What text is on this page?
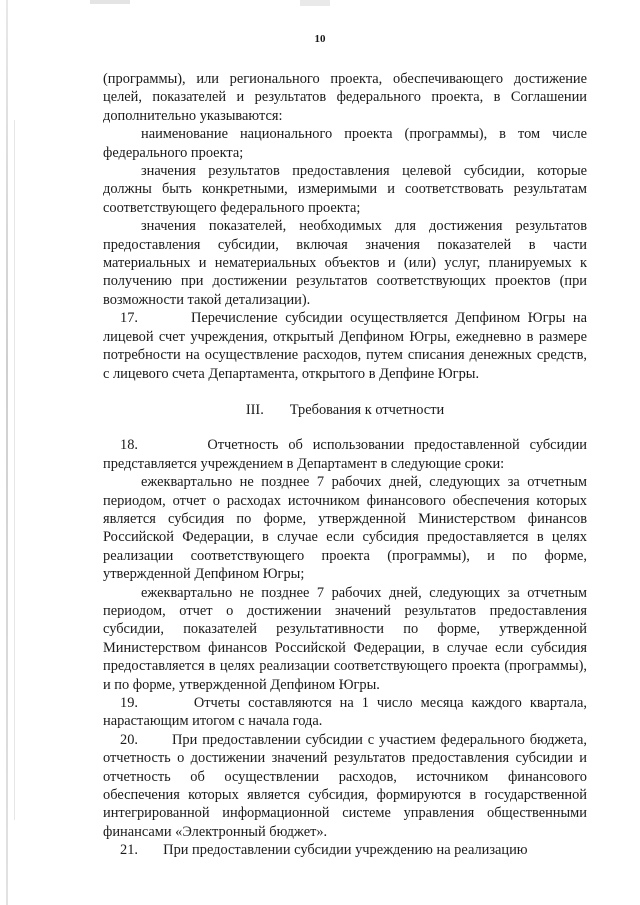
10

(программы), или регионального проекта, обеспечивающего достижение целей, показателей и результатов федерального проекта, в Соглашении дополнительно указываются:

наименование национального проекта (программы), в том числе федерального проекта;

значения результатов предоставления целевой субсидии, которые должны быть конкретными, измеримыми и соответствовать результатам соответствующего федерального проекта;

значения показателей, необходимых для достижения результатов предоставления субсидии, включая значения показателей в части материальных и нематериальных объектов и (или) услуг, планируемых к получению при достижении результатов соответствующих проектов (при возможности такой детализации).

17.       Перечисление субсидии осуществляется Депфином Югры на лицевой счет учреждения, открытый Депфином Югры, ежедневно в размере потребности на осуществление расходов, путем списания денежных средств, с лицевого счета Департамента, открытого в Депфине Югры.

III. Требования к отчетности

18.       Отчетность об использовании предоставленной субсидии представляется учреждением в Департамент в следующие сроки:

ежеквартально не позднее 7 рабочих дней, следующих за отчетным периодом, отчет о расходах источником финансового обеспечения которых является субсидия по форме, утвержденной Министерством финансов Российской Федерации, в случае если субсидия предоставляется в целях реализации соответствующего проекта (программы), и по форме, утвержденной Депфином Югры;

ежеквартально не позднее 7 рабочих дней, следующих за отчетным периодом, отчет о достижении значений результатов предоставления субсидии, показателей результативности по форме, утвержденной Министерством финансов Российской Федерации, в случае если субсидия предоставляется в целях реализации соответствующего проекта (программы), и по форме, утвержденной Депфином Югры.

19.       Отчеты составляются на 1 число месяца каждого квартала, нарастающим итогом с начала года.

20.       При предоставлении субсидии с участием федерального бюджета, отчетность о достижении значений результатов предоставления субсидии и отчетность об осуществлении расходов, источником финансового обеспечения которых является субсидия, формируются в государственной интегрированной информационной системе управления общественными финансами «Электронный бюджет».

21.       При предоставлении субсидии учреждению на реализацию
